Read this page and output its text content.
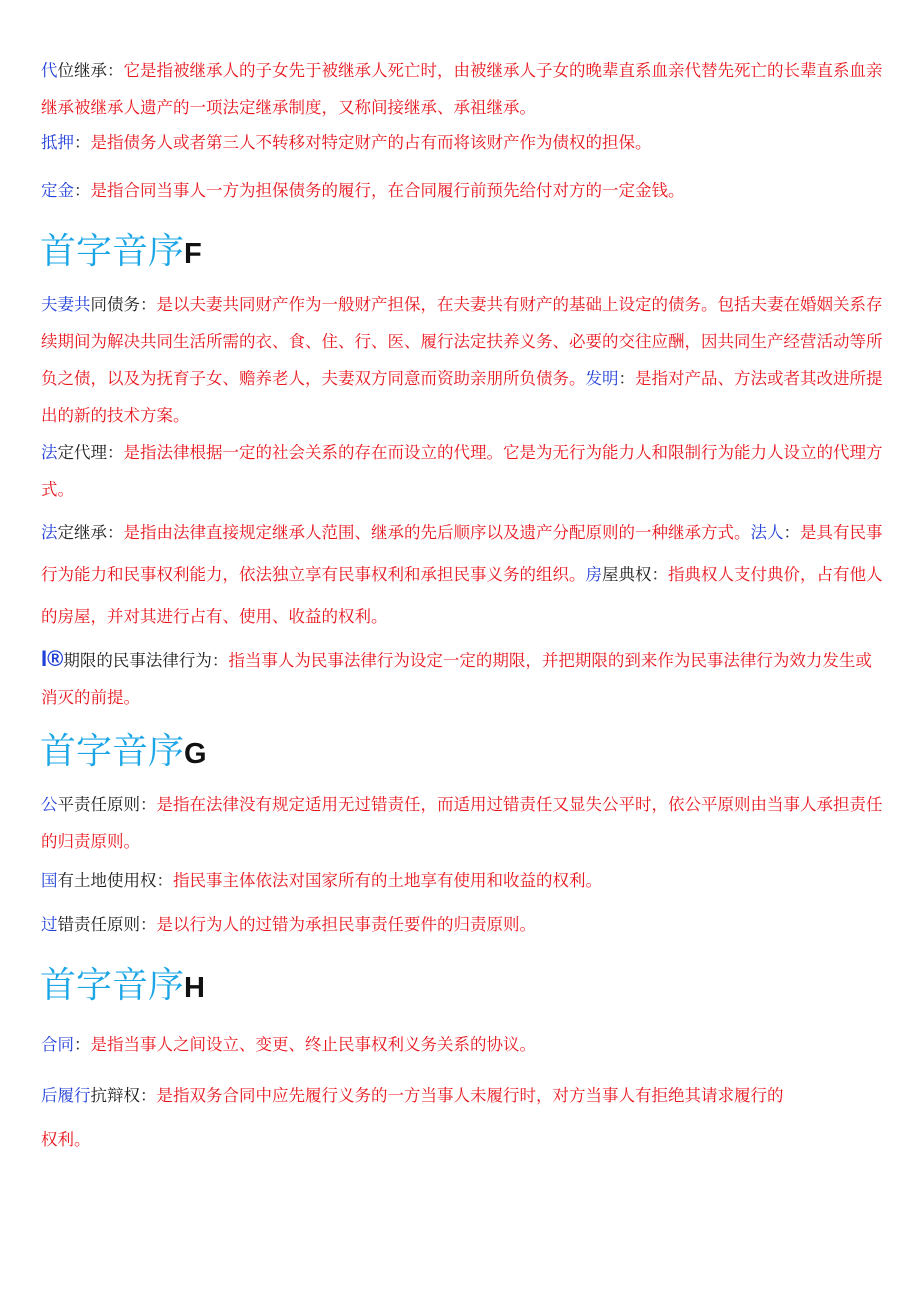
代位继承：它是指被继承人的子女先于被继承人死亡时，由被继承人子女的晚辈直系血亲代替先死亡的长辈直系血亲继承被继承人遗产的一项法定继承制度，又称间接继承、承祖继承。
抵押：是指债务人或者第三人不转移对特定财产的占有而将该财产作为债权的担保。
定金：是指合同当事人一方为担保债务的履行，在合同履行前预先给付对方的一定金钱。
首字音序F
夫妻共同债务：是以夫妻共同财产作为一般财产担保，在夫妻共有财产的基础上设定的债务。包括夫妻在婚姻关系存续期间为解决共同生活所需的衣、食、住、行、医、履行法定扶养义务、必要的交往应酬，因共同生产经营活动等所负之债，以及为抚育子女、赡养老人，夫妻双方同意而资助亲朋所负债务。发明：是指对产品、方法或者其改进所提出的新的技术方案。
法定代理：是指法律根据一定的社会关系的存在而设立的代理。它是为无行为能力人和限制行为能力人设立的代理方式。
法定继承：是指由法律直接规定继承人范围、继承的先后顺序以及遗产分配原则的一种继承方式。法人：是具有民事行为能力和民事权利能力，依法独立享有民事权利和承担民事义务的组织。房屋典权：指典权人支付典价，占有他人的房屋，并对其进行占有、使用、收益的权利。
I®期限的民事法律行为：指当事人为民事法律行为设定一定的期限，并把期限的到来作为民事法律行为效力发生或消灭的前提。
首字音序G
公平责任原则：是指在法律没有规定适用无过错责任，而适用过错责任又显失公平时，依公平原则由当事人承担责任的归责原则。
国有土地使用权：指民事主体依法对国家所有的土地享有使用和收益的权利。
过错责任原则：是以行为人的过错为承担民事责任要件的归责原则。
首字音序H
合同：是指当事人之间设立、变更、终止民事权利义务关系的协议。
后履行抗辩权：是指双务合同中应先履行义务的一方当事人未履行时，对方当事人有拒绝其请求履行的
权利。
